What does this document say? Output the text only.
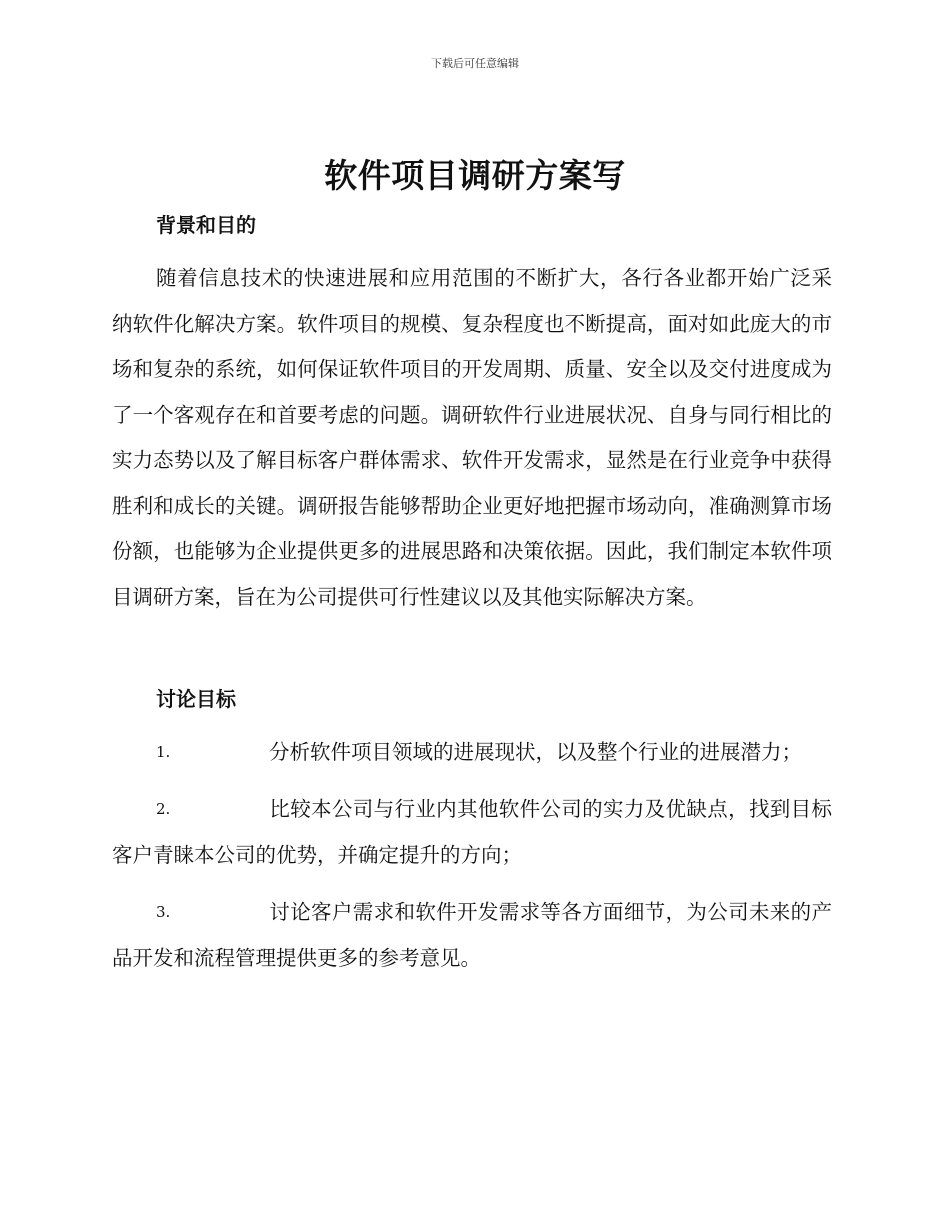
下载后可任意编辑
软件项目调研方案写
背景和目的

随着信息技术的快速进展和应用范围的不断扩大，各行各业都开始广泛采纳软件化解决方案。软件项目的规模、复杂程度也不断提高，面对如此庞大的市场和复杂的系统，如何保证软件项目的开发周期、质量、安全以及交付进度成为了一个客观存在和首要考虑的问题。调研软件行业进展状况、自身与同行相比的实力态势以及了解目标客户群体需求、软件开发需求，显然是在行业竞争中获得胜利和成长的关键。调研报告能够帮助企业更好地把握市场动向，准确测算市场份额，也能够为企业提供更多的进展思路和决策依据。因此，我们制定本软件项目调研方案，旨在为公司提供可行性建议以及其他实际解决方案。

讨论目标

1.	分析软件项目领域的进展现状，以及整个行业的进展潜力；

2.	比较本公司与行业内其他软件公司的实力及优缺点，找到目标客户青睐本公司的优势，并确定提升的方向；

3.	讨论客户需求和软件开发需求等各方面细节，为公司未来的产品开发和流程管理提供更多的参考意见。
